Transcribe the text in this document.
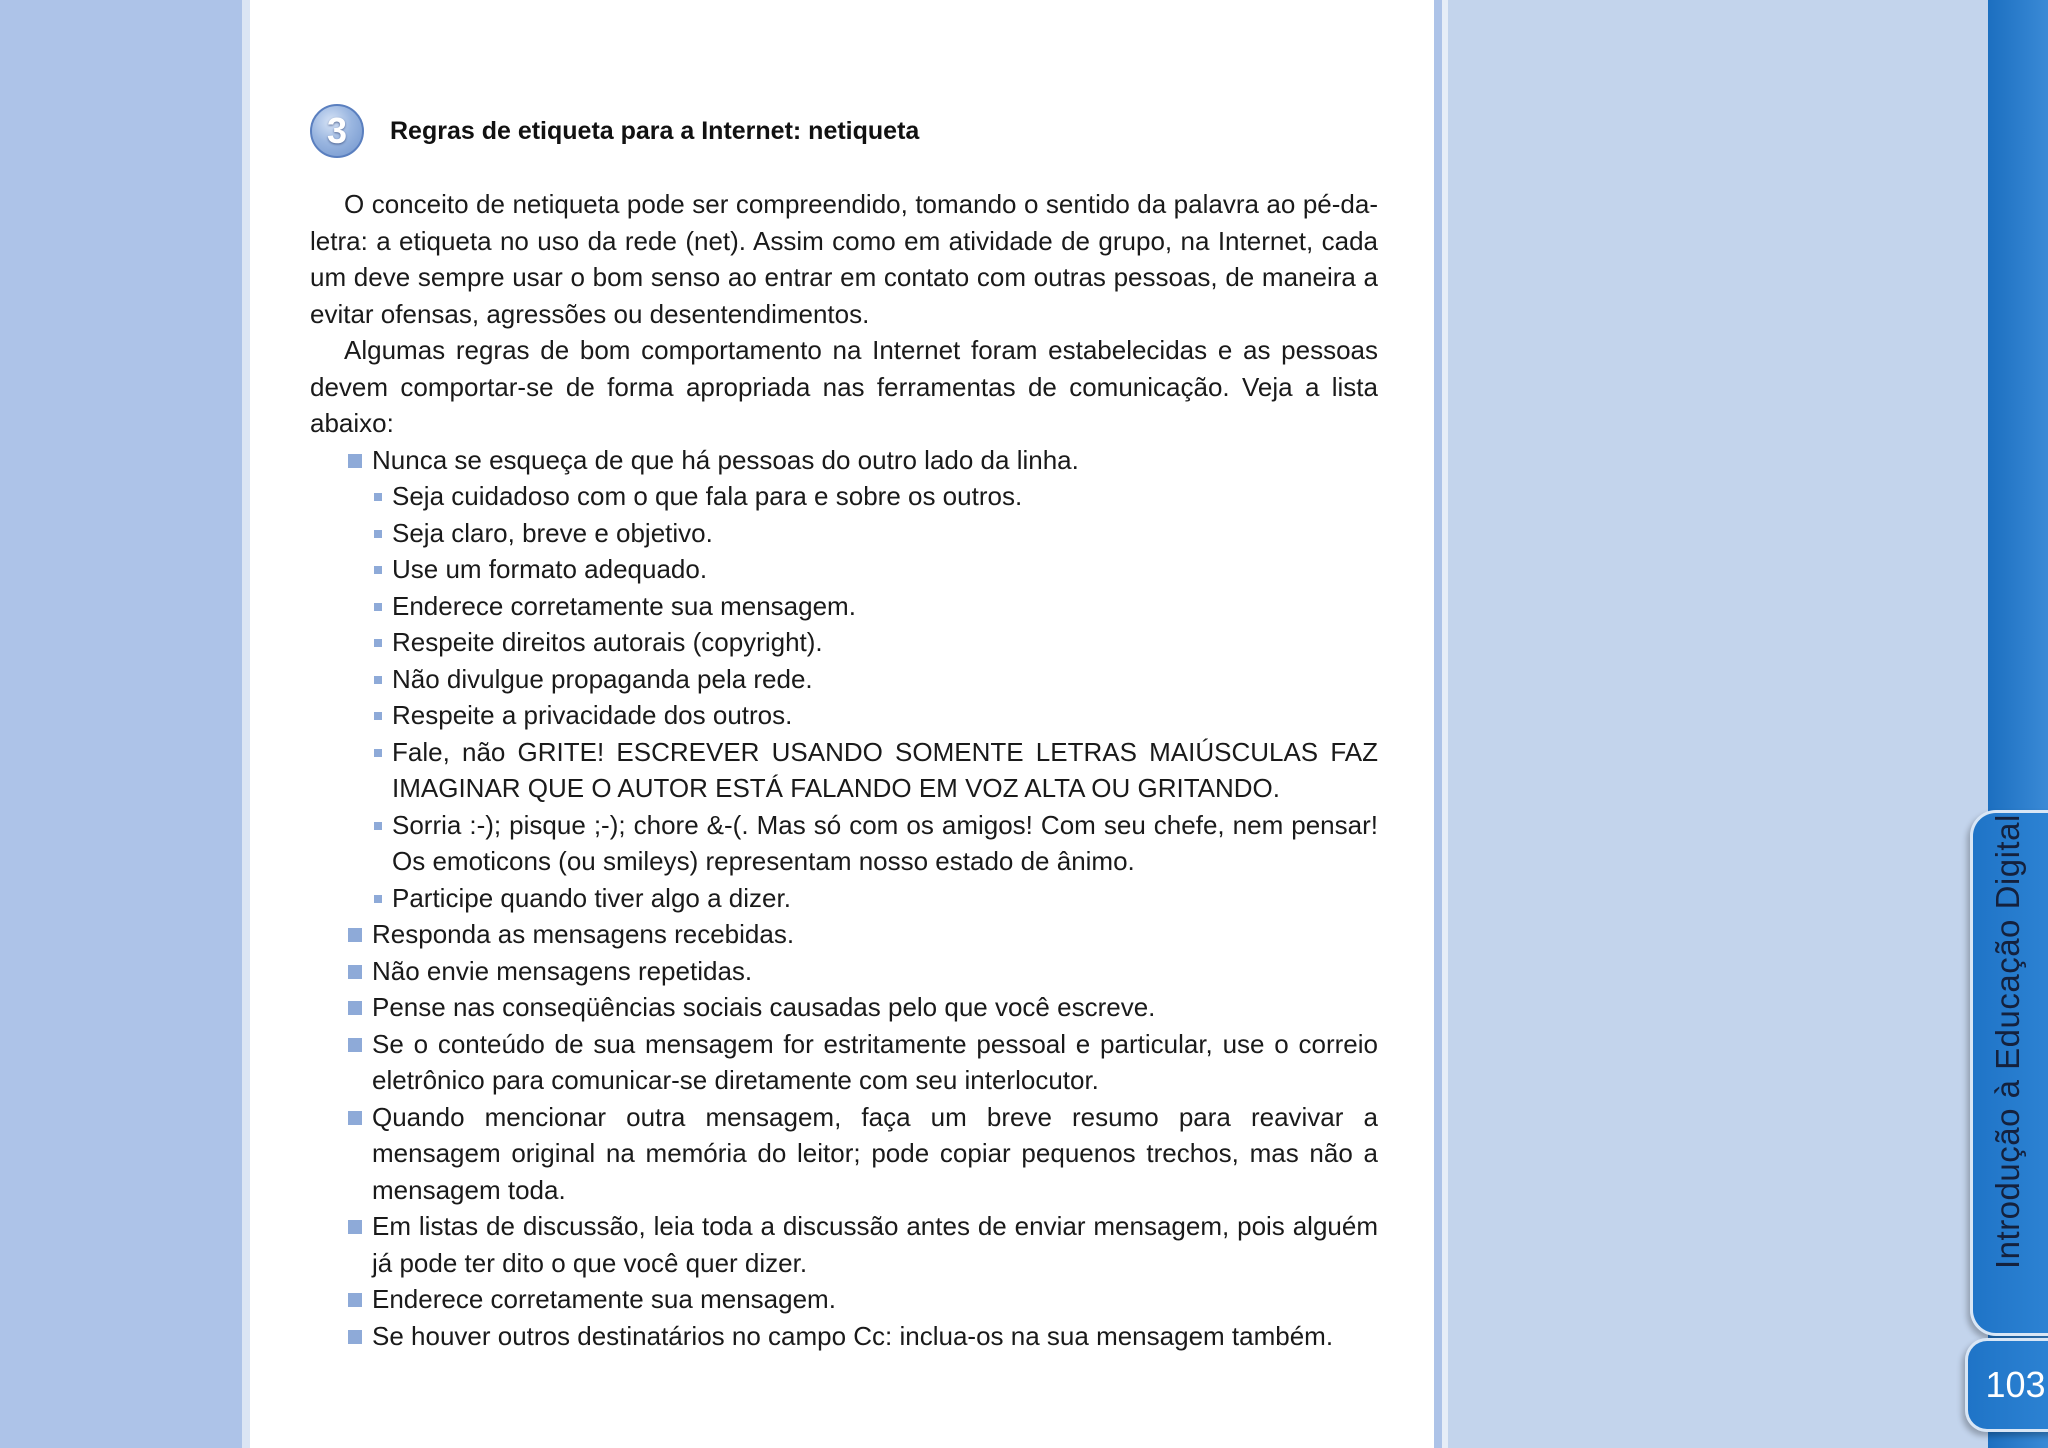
Introdução à Educação Digital
103
3	Regras de etiqueta para a Internet: netiqueta

O conceito de netiqueta pode ser compreendido, tomando o sentido da palavra ao pé-da-letra: a etiqueta no uso da rede (net). Assim como em atividade de grupo, na Internet, cada um deve sempre usar o bom senso ao entrar em contato com outras pessoas, de maneira a evitar ofensas, agressões ou desentendimentos.

Algumas regras de bom comportamento na Internet foram estabelecidas e as pessoas devem comportar-se de forma apropriada nas ferramentas de comunicação. Veja a lista abaixo:

Nunca se esqueça de que há pessoas do outro lado da linha.
Seja cuidadoso com o que fala para e sobre os outros.
Seja claro, breve e objetivo.
Use um formato adequado.
Enderece corretamente sua mensagem.
Respeite direitos autorais (copyright).
Não divulgue propaganda pela rede.
Respeite a privacidade dos outros.
Fale, não GRITE! ESCREVER USANDO SOMENTE LETRAS MAIÚSCULAS FAZ IMAGINAR QUE O AUTOR ESTÁ FALANDO EM VOZ ALTA OU GRITANDO.
Sorria :-); pisque ;-); chore &-(. Mas só com os amigos! Com seu chefe, nem pensar! Os emoticons (ou smileys) representam nosso estado de ânimo.
Participe quando tiver algo a dizer.
Responda as mensagens recebidas.
Não envie mensagens repetidas.
Pense nas conseqüências sociais causadas pelo que você escreve.
Se o conteúdo de sua mensagem for estritamente pessoal e particular, use o correio eletrônico para comunicar-se diretamente com seu interlocutor.
Quando mencionar outra mensagem, faça um breve resumo para reavivar a mensagem original na memória do leitor; pode copiar pequenos trechos, mas não a mensagem toda.
Em listas de discussão, leia toda a discussão antes de enviar mensagem, pois alguém já pode ter dito o que você quer dizer.
Enderece corretamente sua mensagem.
Se houver outros destinatários no campo Cc: inclua-os na sua mensagem também.
